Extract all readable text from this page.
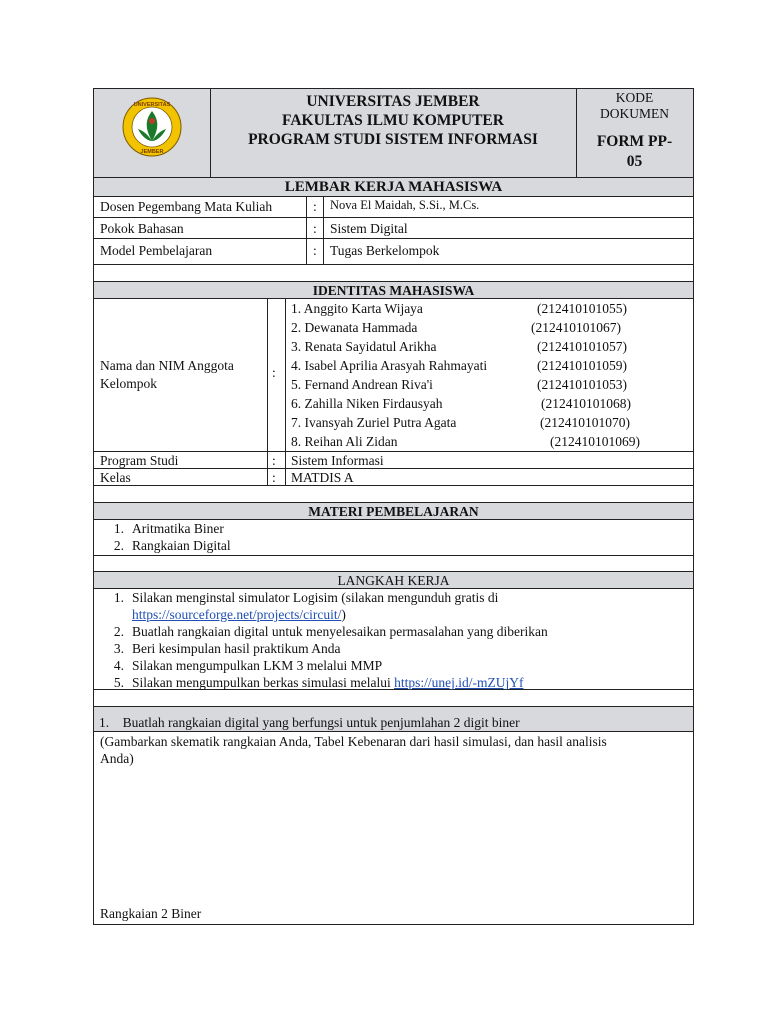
UNIVERSITAS
JEMBER
UNIVERSITAS JEMBER
FAKULTAS ILMU KOMPUTER
PROGRAM STUDI SISTEM INFORMASI
KODE
DOKUMEN
FORM PP-
05
LEMBAR KERJA MAHASISWA
Dosen Pegembang Mata Kuliah	: Nova El Maidah, S.Si., M.Cs.
Pokok Bahasan	: Sistem Digital
Model Pembelajaran	: Tugas Berkelompok
IDENTITAS MAHASISWA
Nama dan NIM Anggota
Kelompok
:
1. Anggito Karta Wijaya	(212410101055)
2. Dewanata Hammada	(212410101067)
3. Renata Sayidatul Arikha	(212410101057)
4. Isabel Aprilia Arasyah Rahmayati	(212410101059)
5. Fernand Andrean Riva'i	(212410101053)
6. Zahilla Niken Firdausyah	(212410101068)
7. Ivansyah Zuriel Putra Agata	(212410101070)
8. Reihan Ali Zidan	(212410101069)
Program Studi	: Sistem Informasi
Kelas	: MATDIS A
MATERI PEMBELAJARAN
1. Aritmatika Biner
2. Rangkaian Digital
LANGKAH KERJA
1. Silakan menginstal simulator Logisim (silakan mengunduh gratis di
https://sourceforge.net/projects/circuit/)
2. Buatlah rangkaian digital untuk menyelesaikan permasalahan yang diberikan
3. Beri kesimpulan hasil praktikum Anda
4. Silakan mengumpulkan LKM 3 melalui MMP
5. Silakan mengumpulkan berkas simulasi melalui https://unej.id/-mZUjYf
1. Buatlah rangkaian digital yang berfungsi untuk penjumlahan 2 digit biner
(Gambarkan skematik rangkaian Anda, Tabel Kebenaran dari hasil simulasi, dan hasil analisis
Anda)
Rangkaian 2 Biner
